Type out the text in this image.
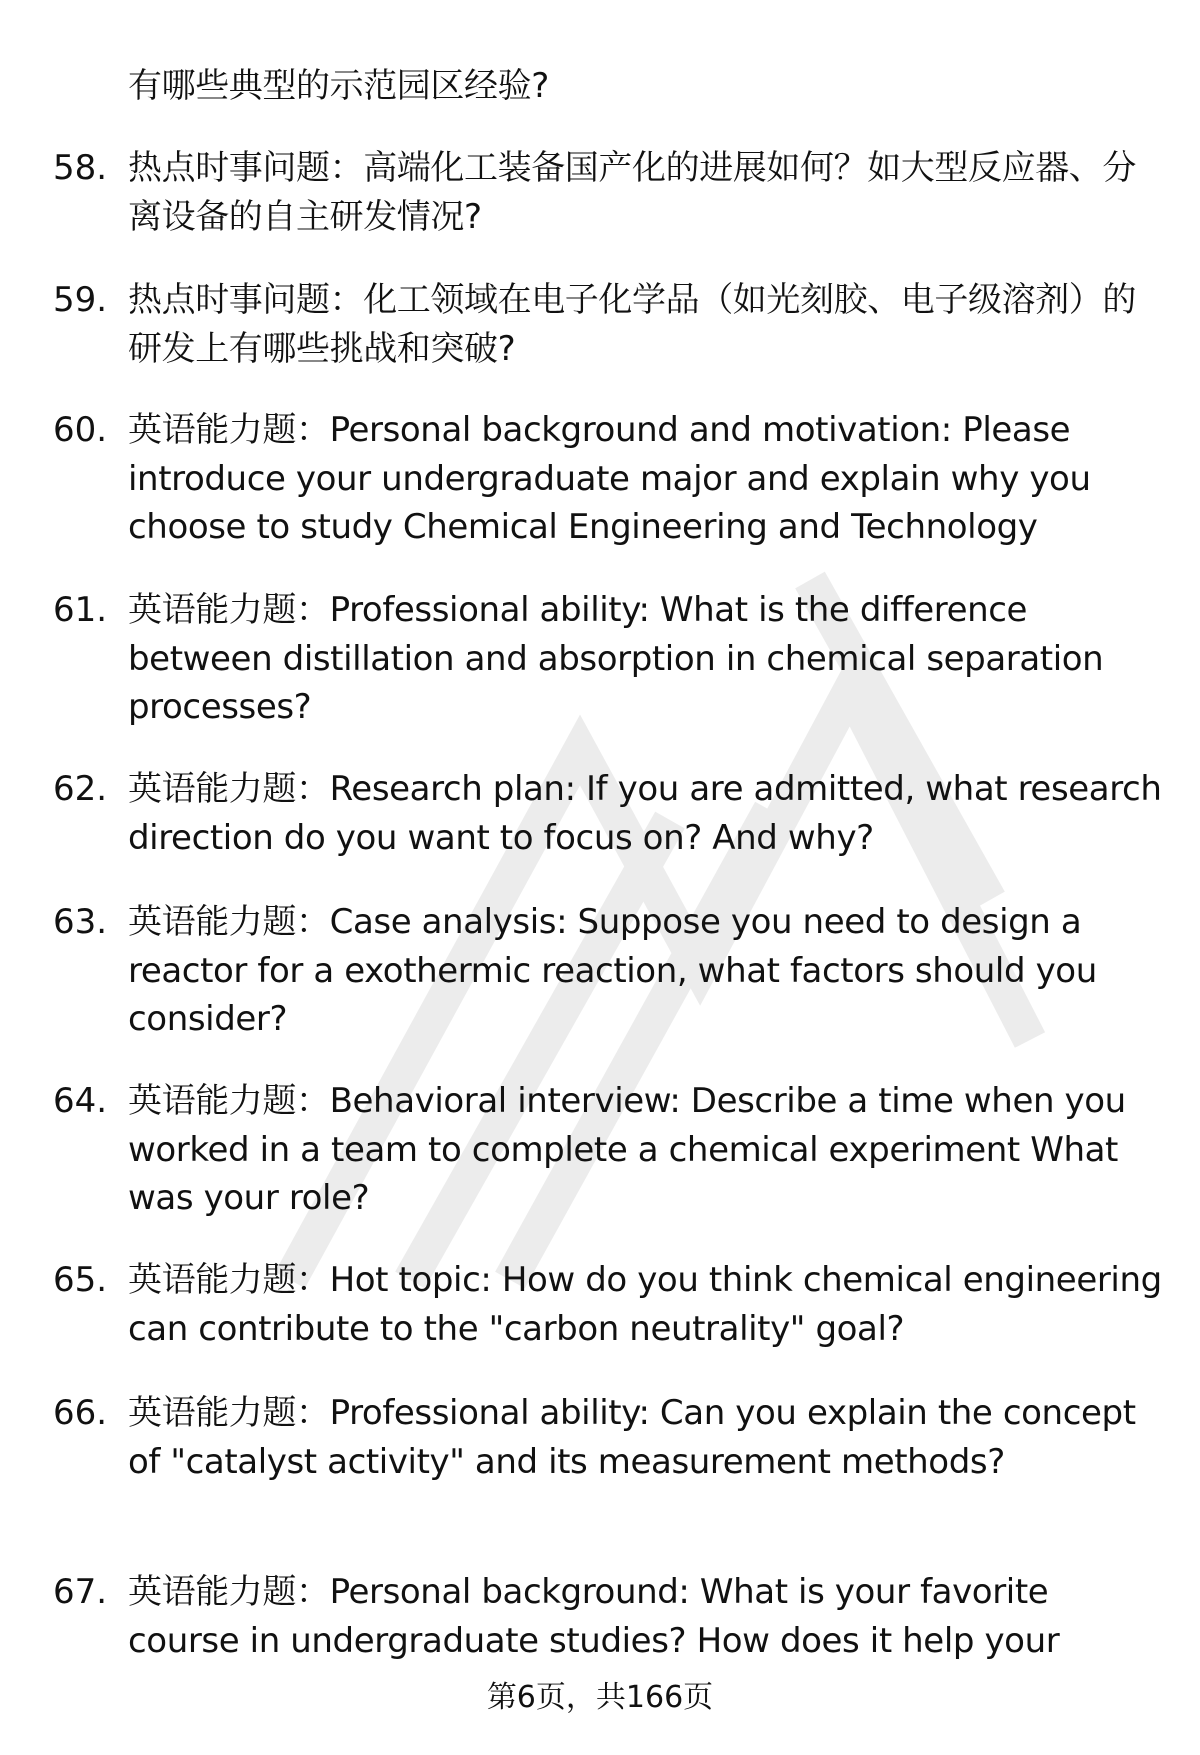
有哪些典型的示范园区经验?
58. 热点时事问题：高端化工装备国产化的进展如何？如大型反应器、分离设备的自主研发情况?
59. 热点时事问题：化工领域在电子化学品（如光刻胶、电子级溶剂）的研发上有哪些挑战和突破?
60. 英语能力题：Personal background and motivation: Please introduce your undergraduate major and explain why you choose to study Chemical Engineering and Technology
61. 英语能力题：Professional ability: What is the difference between distillation and absorption in chemical separation processes?
62. 英语能力题：Research plan: If you are admitted, what research direction do you want to focus on? And why?
63. 英语能力题：Case analysis: Suppose you need to design a reactor for a exothermic reaction, what factors should you consider?
64. 英语能力题：Behavioral interview: Describe a time when you worked in a team to complete a chemical experiment What was your role?
65. 英语能力题：Hot topic: How do you think chemical engineering can contribute to the "carbon neutrality" goal?
66. 英语能力题：Professional ability: Can you explain the concept of "catalyst activity" and its measurement methods?
67. 英语能力题：Personal background: What is your favorite course in undergraduate studies? How does it help your
第6页，共166页
